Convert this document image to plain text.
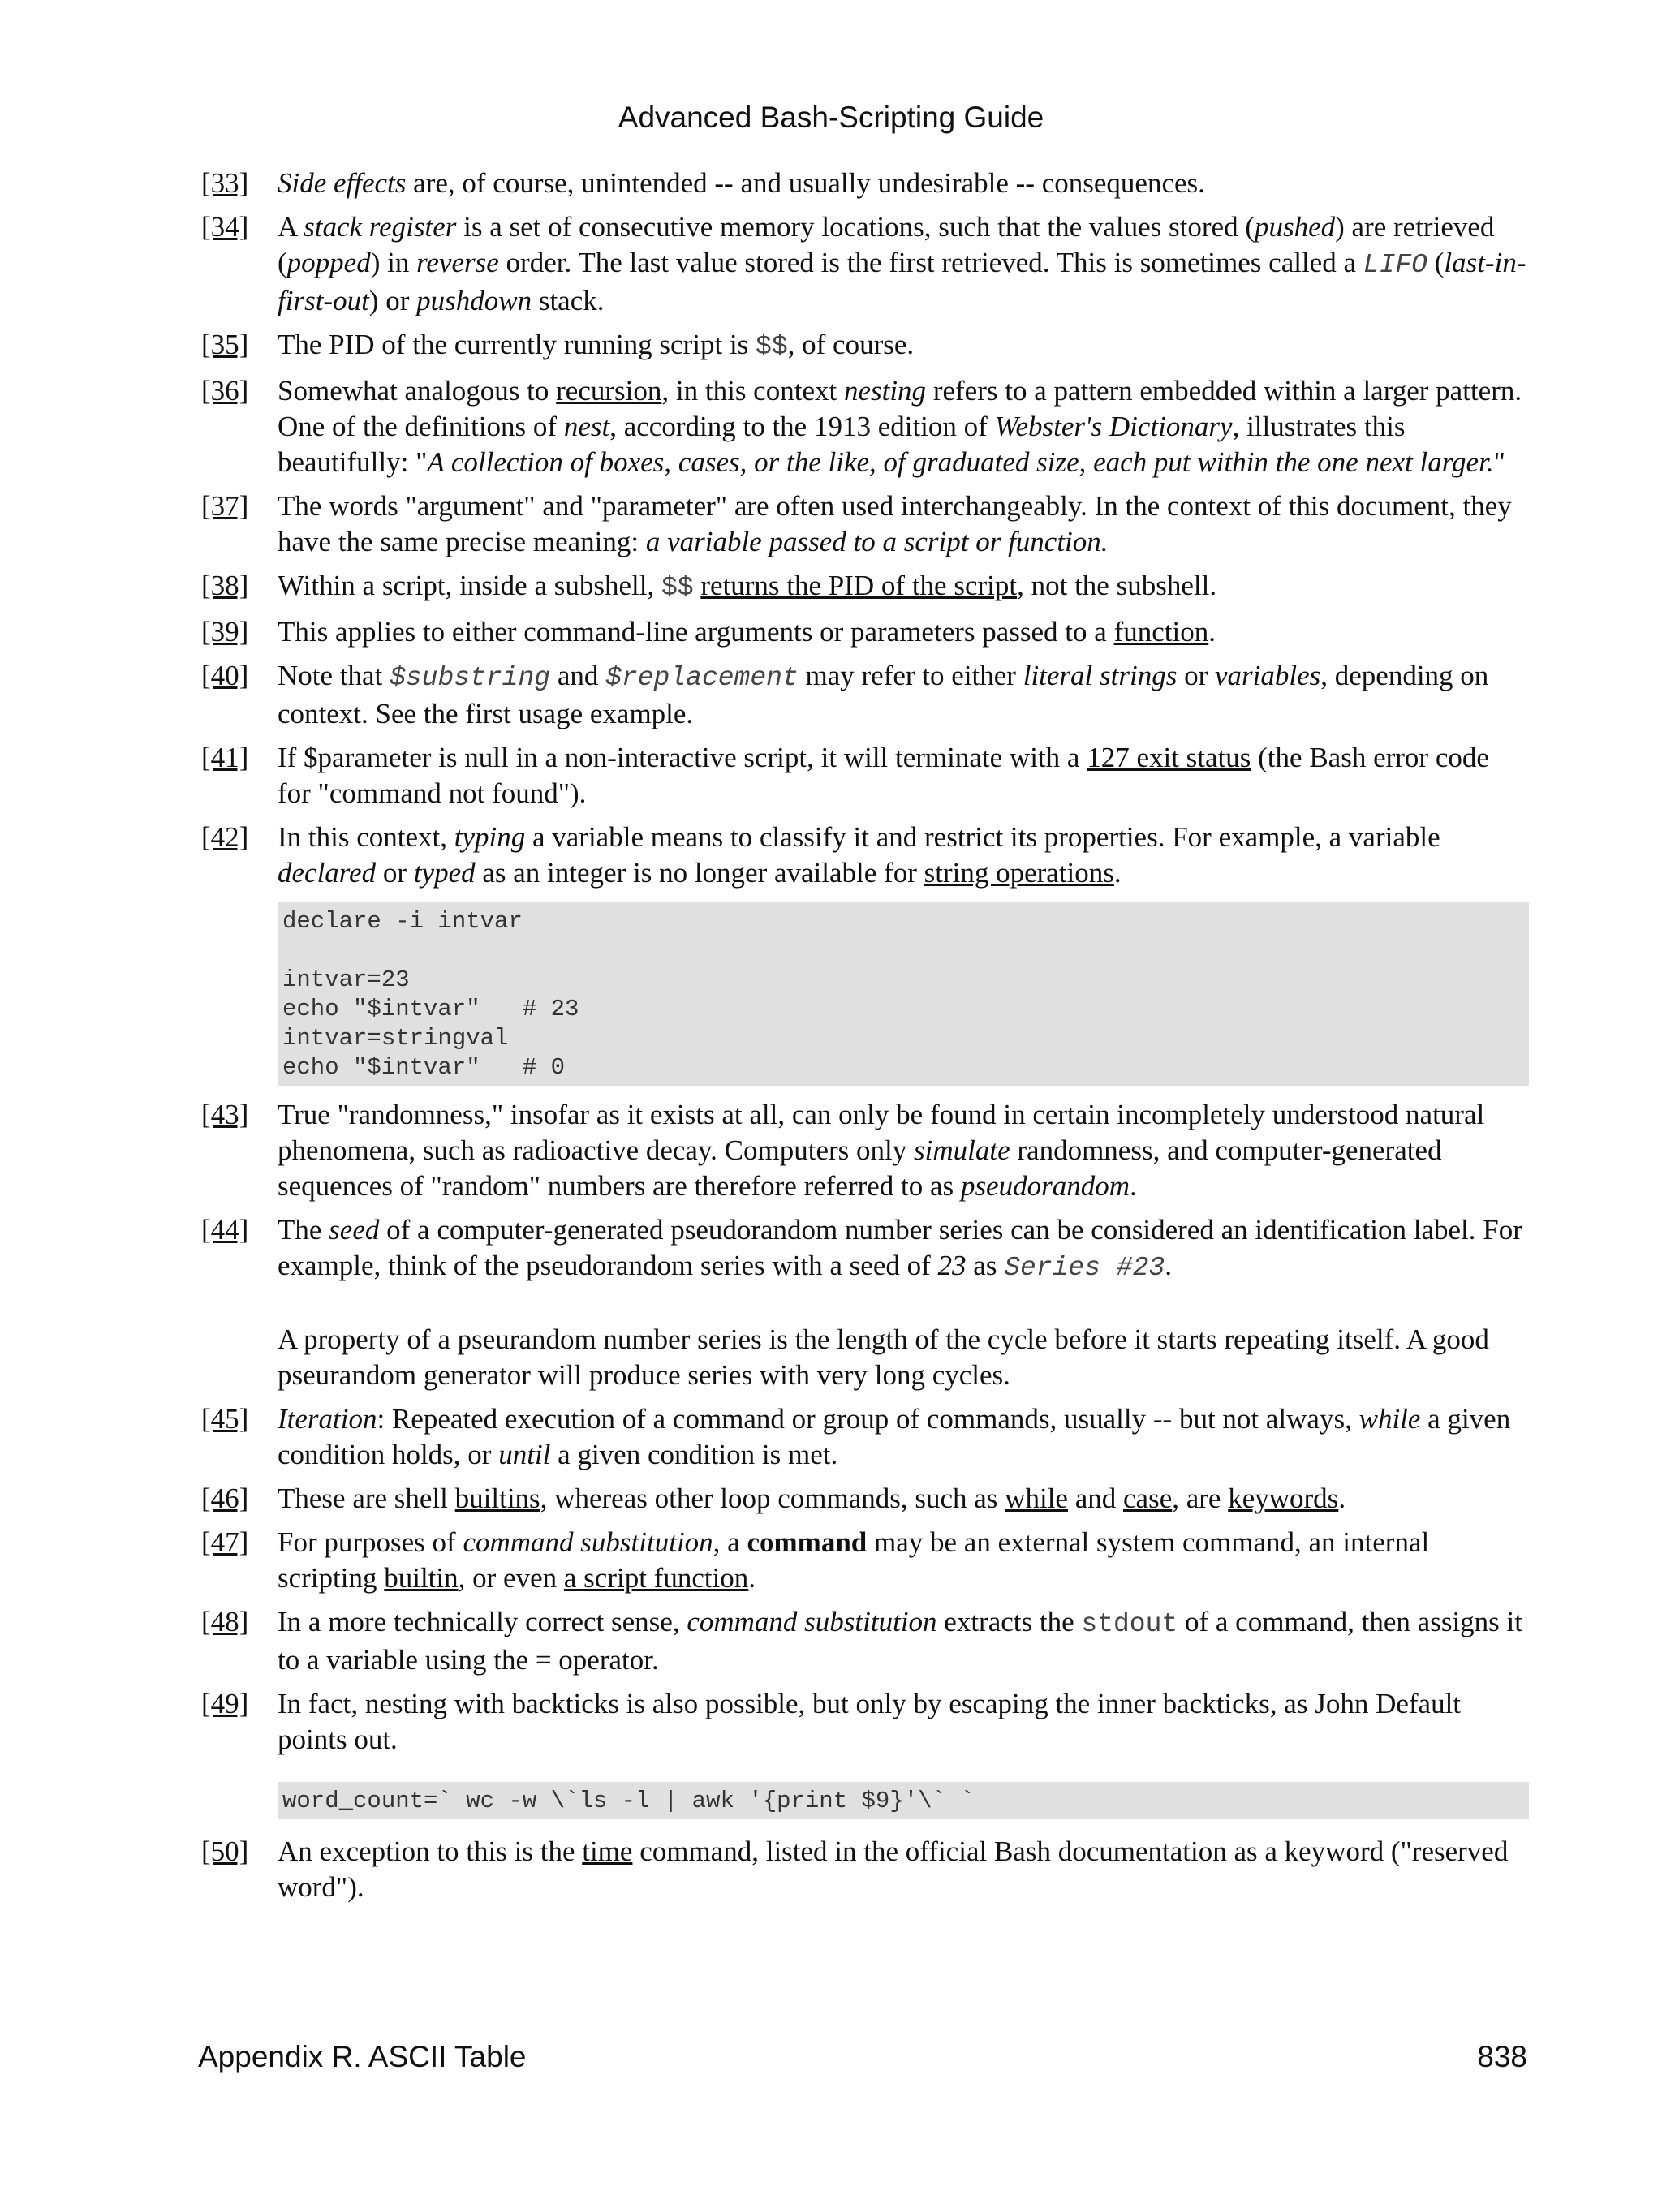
Advanced Bash-Scripting Guide
[33]	Side effects are, of course, unintended -- and usually undesirable -- consequences.
[34]	A stack register is a set of consecutive memory locations, such that the values stored (pushed) are retrieved (popped) in reverse order. The last value stored is the first retrieved. This is sometimes called a LIFO (last-in-first-out) or pushdown stack.
[35]	The PID of the currently running script is $$, of course.
[36]	Somewhat analogous to recursion, in this context nesting refers to a pattern embedded within a larger pattern. One of the definitions of nest, according to the 1913 edition of Webster's Dictionary, illustrates this beautifully: "A collection of boxes, cases, or the like, of graduated size, each put within the one next larger."
[37]	The words "argument" and "parameter" are often used interchangeably. In the context of this document, they have the same precise meaning: a variable passed to a script or function.
[38]	Within a script, inside a subshell, $$ returns the PID of the script, not the subshell.
[39]	This applies to either command-line arguments or parameters passed to a function.
[40]	Note that $substring and $replacement may refer to either literal strings or variables, depending on context. See the first usage example.
[41]	If $parameter is null in a non-interactive script, it will terminate with a 127 exit status (the Bash error code for "command not found").
[42]	In this context, typing a variable means to classify it and restrict its properties. For example, a variable declared or typed as an integer is no longer available for string operations.

declare -i intvar

intvar=23
echo "$intvar"   # 23
intvar=stringval
echo "$intvar"   # 0
[43]	True "randomness," insofar as it exists at all, can only be found in certain incompletely understood natural phenomena, such as radioactive decay. Computers only simulate randomness, and computer-generated sequences of "random" numbers are therefore referred to as pseudorandom.
[44]	The seed of a computer-generated pseudorandom number series can be considered an identification label. For example, think of the pseudorandom series with a seed of 23 as Series #23.

A property of a pseurandom number series is the length of the cycle before it starts repeating itself. A good pseurandom generator will produce series with very long cycles.

[45]	Iteration: Repeated execution of a command or group of commands, usually -- but not always, while a given condition holds, or until a given condition is met.
[46]	These are shell builtins, whereas other loop commands, such as while and case, are keywords.
[47]	For purposes of command substitution, a command may be an external system command, an internal scripting builtin, or even a script function.
[48]	In a more technically correct sense, command substitution extracts the stdout of a command, then assigns it to a variable using the = operator.
[49]	In fact, nesting with backticks is also possible, but only by escaping the inner backticks, as John Default points out.

word_count=` wc -w \`ls -l | awk '{print $9}'\` `
[50]	An exception to this is the time command, listed in the official Bash documentation as a keyword ("reserved word").
Appendix R. ASCII Table	838
